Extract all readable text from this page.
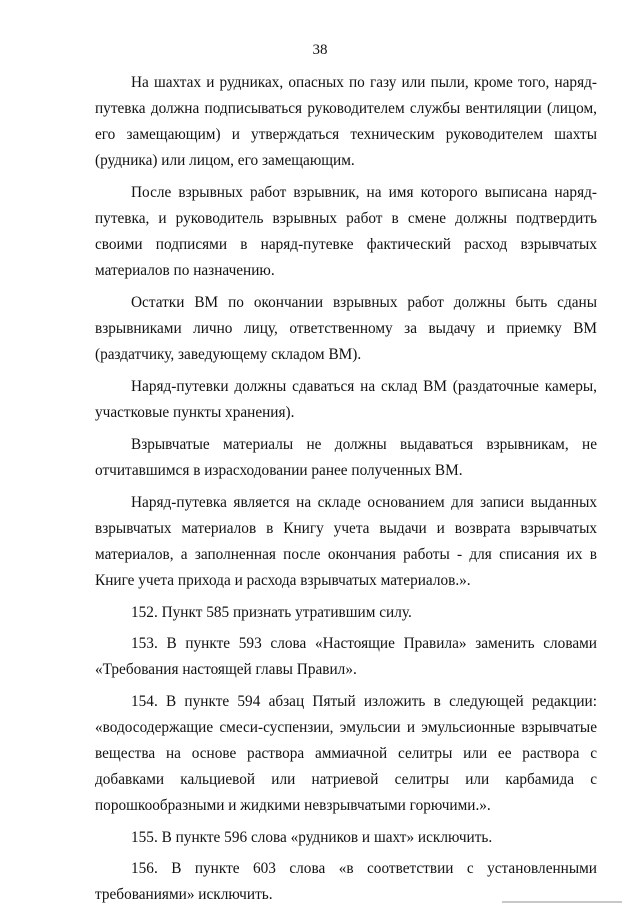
38

На шахтах и рудниках, опасных по газу или пыли, кроме того, наряд-путевка должна подписываться руководителем службы вентиляции (лицом, его замещающим) и утверждаться техническим руководителем шахты (рудника) или лицом, его замещающим.

После взрывных работ взрывник, на имя которого выписана наряд-путевка, и руководитель взрывных работ в смене должны подтвердить своими подписями в наряд-путевке фактический расход взрывчатых материалов по назначению.

Остатки ВМ по окончании взрывных работ должны быть сданы взрывниками лично лицу, ответственному за выдачу и приемку ВМ (раздатчику, заведующему складом ВМ).

Наряд-путевки должны сдаваться на склад ВМ (раздаточные камеры, участковые пункты хранения).

Взрывчатые материалы не должны выдаваться взрывникам, не отчитавшимся в израсходовании ранее полученных ВМ.

Наряд-путевка является на складе основанием для записи выданных взрывчатых материалов в Книгу учета выдачи и возврата взрывчатых материалов, а заполненная после окончания работы - для списания их в Книге учета прихода и расхода взрывчатых материалов.».

152. Пункт 585 признать утратившим силу.

153. В пункте 593 слова «Настоящие Правила» заменить словами «Требования настоящей главы Правил».

154. В пункте 594 абзац Пятый изложить в следующей редакции: «водосодержащие смеси-суспензии, эмульсии и эмульсионные взрывчатые вещества на основе раствора аммиачной селитры или ее раствора с добавками кальциевой или натриевой селитры или карбамида с порошкообразными и жидкими невзрывчатыми горючими.».

155. В пункте 596 слова «рудников и шахт» исключить.

156. В пункте 603 слова «в соответствии с установленными требованиями» исключить.
